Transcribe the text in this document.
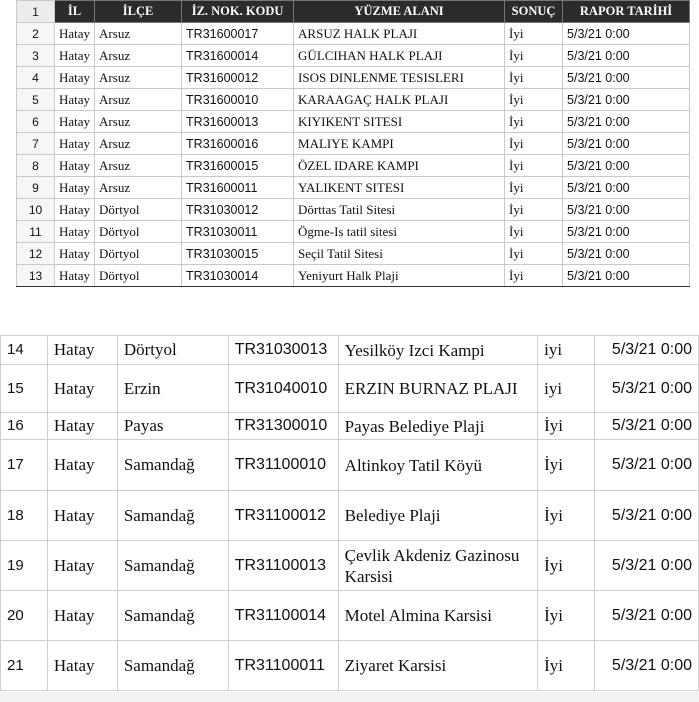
1	İL	İLÇE	İZ. NOK. KODU	YÜZME ALANI	SONUÇ	RAPOR TARİHİ
2	Hatay	Arsuz	TR31600017	ARSUZ HALK PLAJI	İyi	5/3/21 0:00
3	Hatay	Arsuz	TR31600014	GÜLCIHAN HALK PLAJI	İyi	5/3/21 0:00
4	Hatay	Arsuz	TR31600012	ISOS DINLENME TESISLERI	İyi	5/3/21 0:00
5	Hatay	Arsuz	TR31600010	KARAAGAÇ HALK PLAJI	İyi	5/3/21 0:00
6	Hatay	Arsuz	TR31600013	KIYIKENT SITESI	İyi	5/3/21 0:00
7	Hatay	Arsuz	TR31600016	MALIYE KAMPI	İyi	5/3/21 0:00
8	Hatay	Arsuz	TR31600015	ÖZEL IDARE KAMPI	İyi	5/3/21 0:00
9	Hatay	Arsuz	TR31600011	YALIKENT SITESI	İyi	5/3/21 0:00
10	Hatay	Dörtyol	TR31030012	Dörttas Tatil Sitesi	İyi	5/3/21 0:00
11	Hatay	Dörtyol	TR31030011	Ögme-Is tatil sitesi	İyi	5/3/21 0:00
12	Hatay	Dörtyol	TR31030015	Seçil Tatil Sitesi	İyi	5/3/21 0:00
13	Hatay	Dörtyol	TR31030014	Yeniyurt Halk Plaji	İyi	5/3/21 0:00
14	Hatay	Dörtyol	TR31030013	Yesilköy Izci Kampi	iyi	5/3/21 0:00
15	Hatay	Erzin	TR31040010	ERZIN BURNAZ PLAJI	iyi	5/3/21 0:00
16	Hatay	Payas	TR31300010	Payas Belediye Plaji	İyi	5/3/21 0:00
17	Hatay	Samandağ	TR31100010	Altinkoy Tatil Köyü	İyi	5/3/21 0:00
18	Hatay	Samandağ	TR31100012	Belediye Plaji	İyi	5/3/21 0:00
19	Hatay	Samandağ	TR31100013	Çevlik Akdeniz Gazinosu Karsisi	İyi	5/3/21 0:00
20	Hatay	Samandağ	TR31100014	Motel Almina Karsisi	İyi	5/3/21 0:00
21	Hatay	Samandağ	TR31100011	Ziyaret Karsisi	İyi	5/3/21 0:00
